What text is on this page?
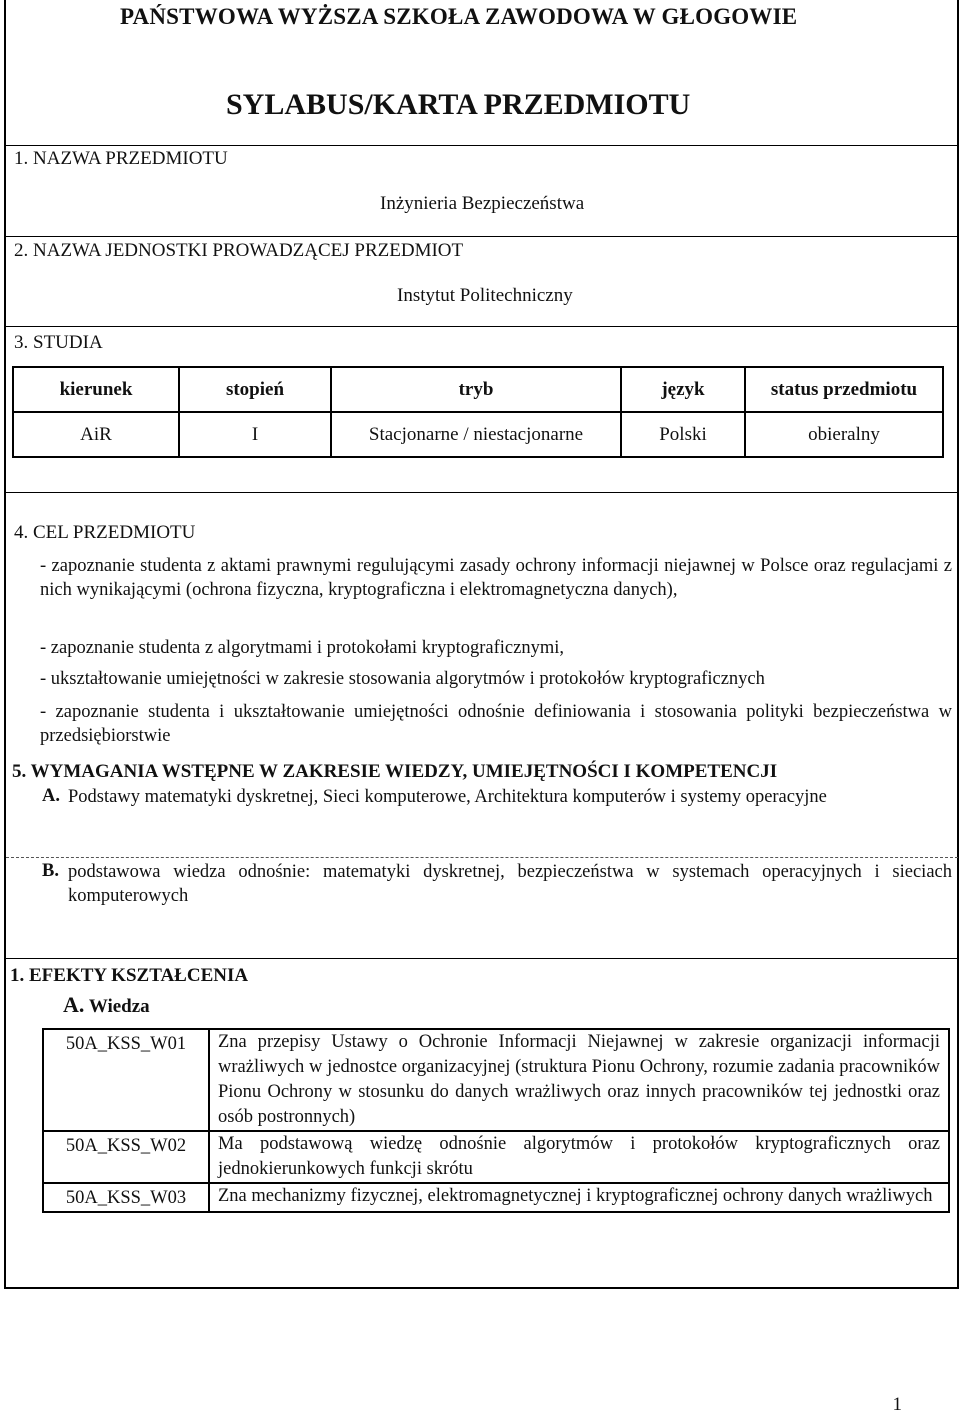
PAŃSTWOWA WYŻSZA SZKOŁA ZAWODOWA W GŁOGOWIE
SYLABUS/KARTA PRZEDMIOTU
1. NAZWA PRZEDMIOTU
Inżynieria Bezpieczeństwa
2. NAZWA JEDNOSTKI PROWADZĄCEJ PRZEDMIOT
Instytut Politechniczny
3. STUDIA
kierunek	stopień	tryb	język	status przedmiotu
AiR	I	Stacjonarne / niestacjonarne	Polski	obieralny
4. CEL PRZEDMIOTU
- zapoznanie studenta z aktami prawnymi regulującymi zasady ochrony informacji niejawnej w Polsce oraz regulacjami z nich wynikającymi (ochrona fizyczna, kryptograficzna i elektromagnetyczna danych),
- zapoznanie studenta z algorytmami i protokołami kryptograficznymi,
- ukształtowanie umiejętności w zakresie stosowania algorytmów i protokołów kryptograficznych
- zapoznanie studenta i ukształtowanie umiejętności odnośnie definiowania i stosowania polityki bezpieczeństwa w przedsiębiorstwie
5. WYMAGANIA WSTĘPNE W ZAKRESIE WIEDZY, UMIEJĘTNOŚCI I KOMPETENCJI
A. Podstawy matematyki dyskretnej, Sieci komputerowe, Architektura komputerów i systemy operacyjne
B. podstawowa wiedza odnośnie: matematyki dyskretnej, bezpieczeństwa w systemach operacyjnych i sieciach komputerowych
1. EFEKTY KSZTAŁCENIA
A. Wiedza
50A_KSS_W01	Zna przepisy Ustawy o Ochronie Informacji Niejawnej w zakresie organizacji informacji wrażliwych w jednostce organizacyjnej (struktura Pionu Ochrony, rozumie zadania pracowników Pionu Ochrony w stosunku do danych wrażliwych oraz innych pracowników tej jednostki oraz osób postronnych)
50A_KSS_W02	Ma podstawową wiedzę odnośnie algorytmów i protokołów kryptograficznych oraz jednokierunkowych funkcji skrótu
50A_KSS_W03	Zna mechanizmy fizycznej, elektromagnetycznej i kryptograficznej ochrony danych wrażliwych
1
